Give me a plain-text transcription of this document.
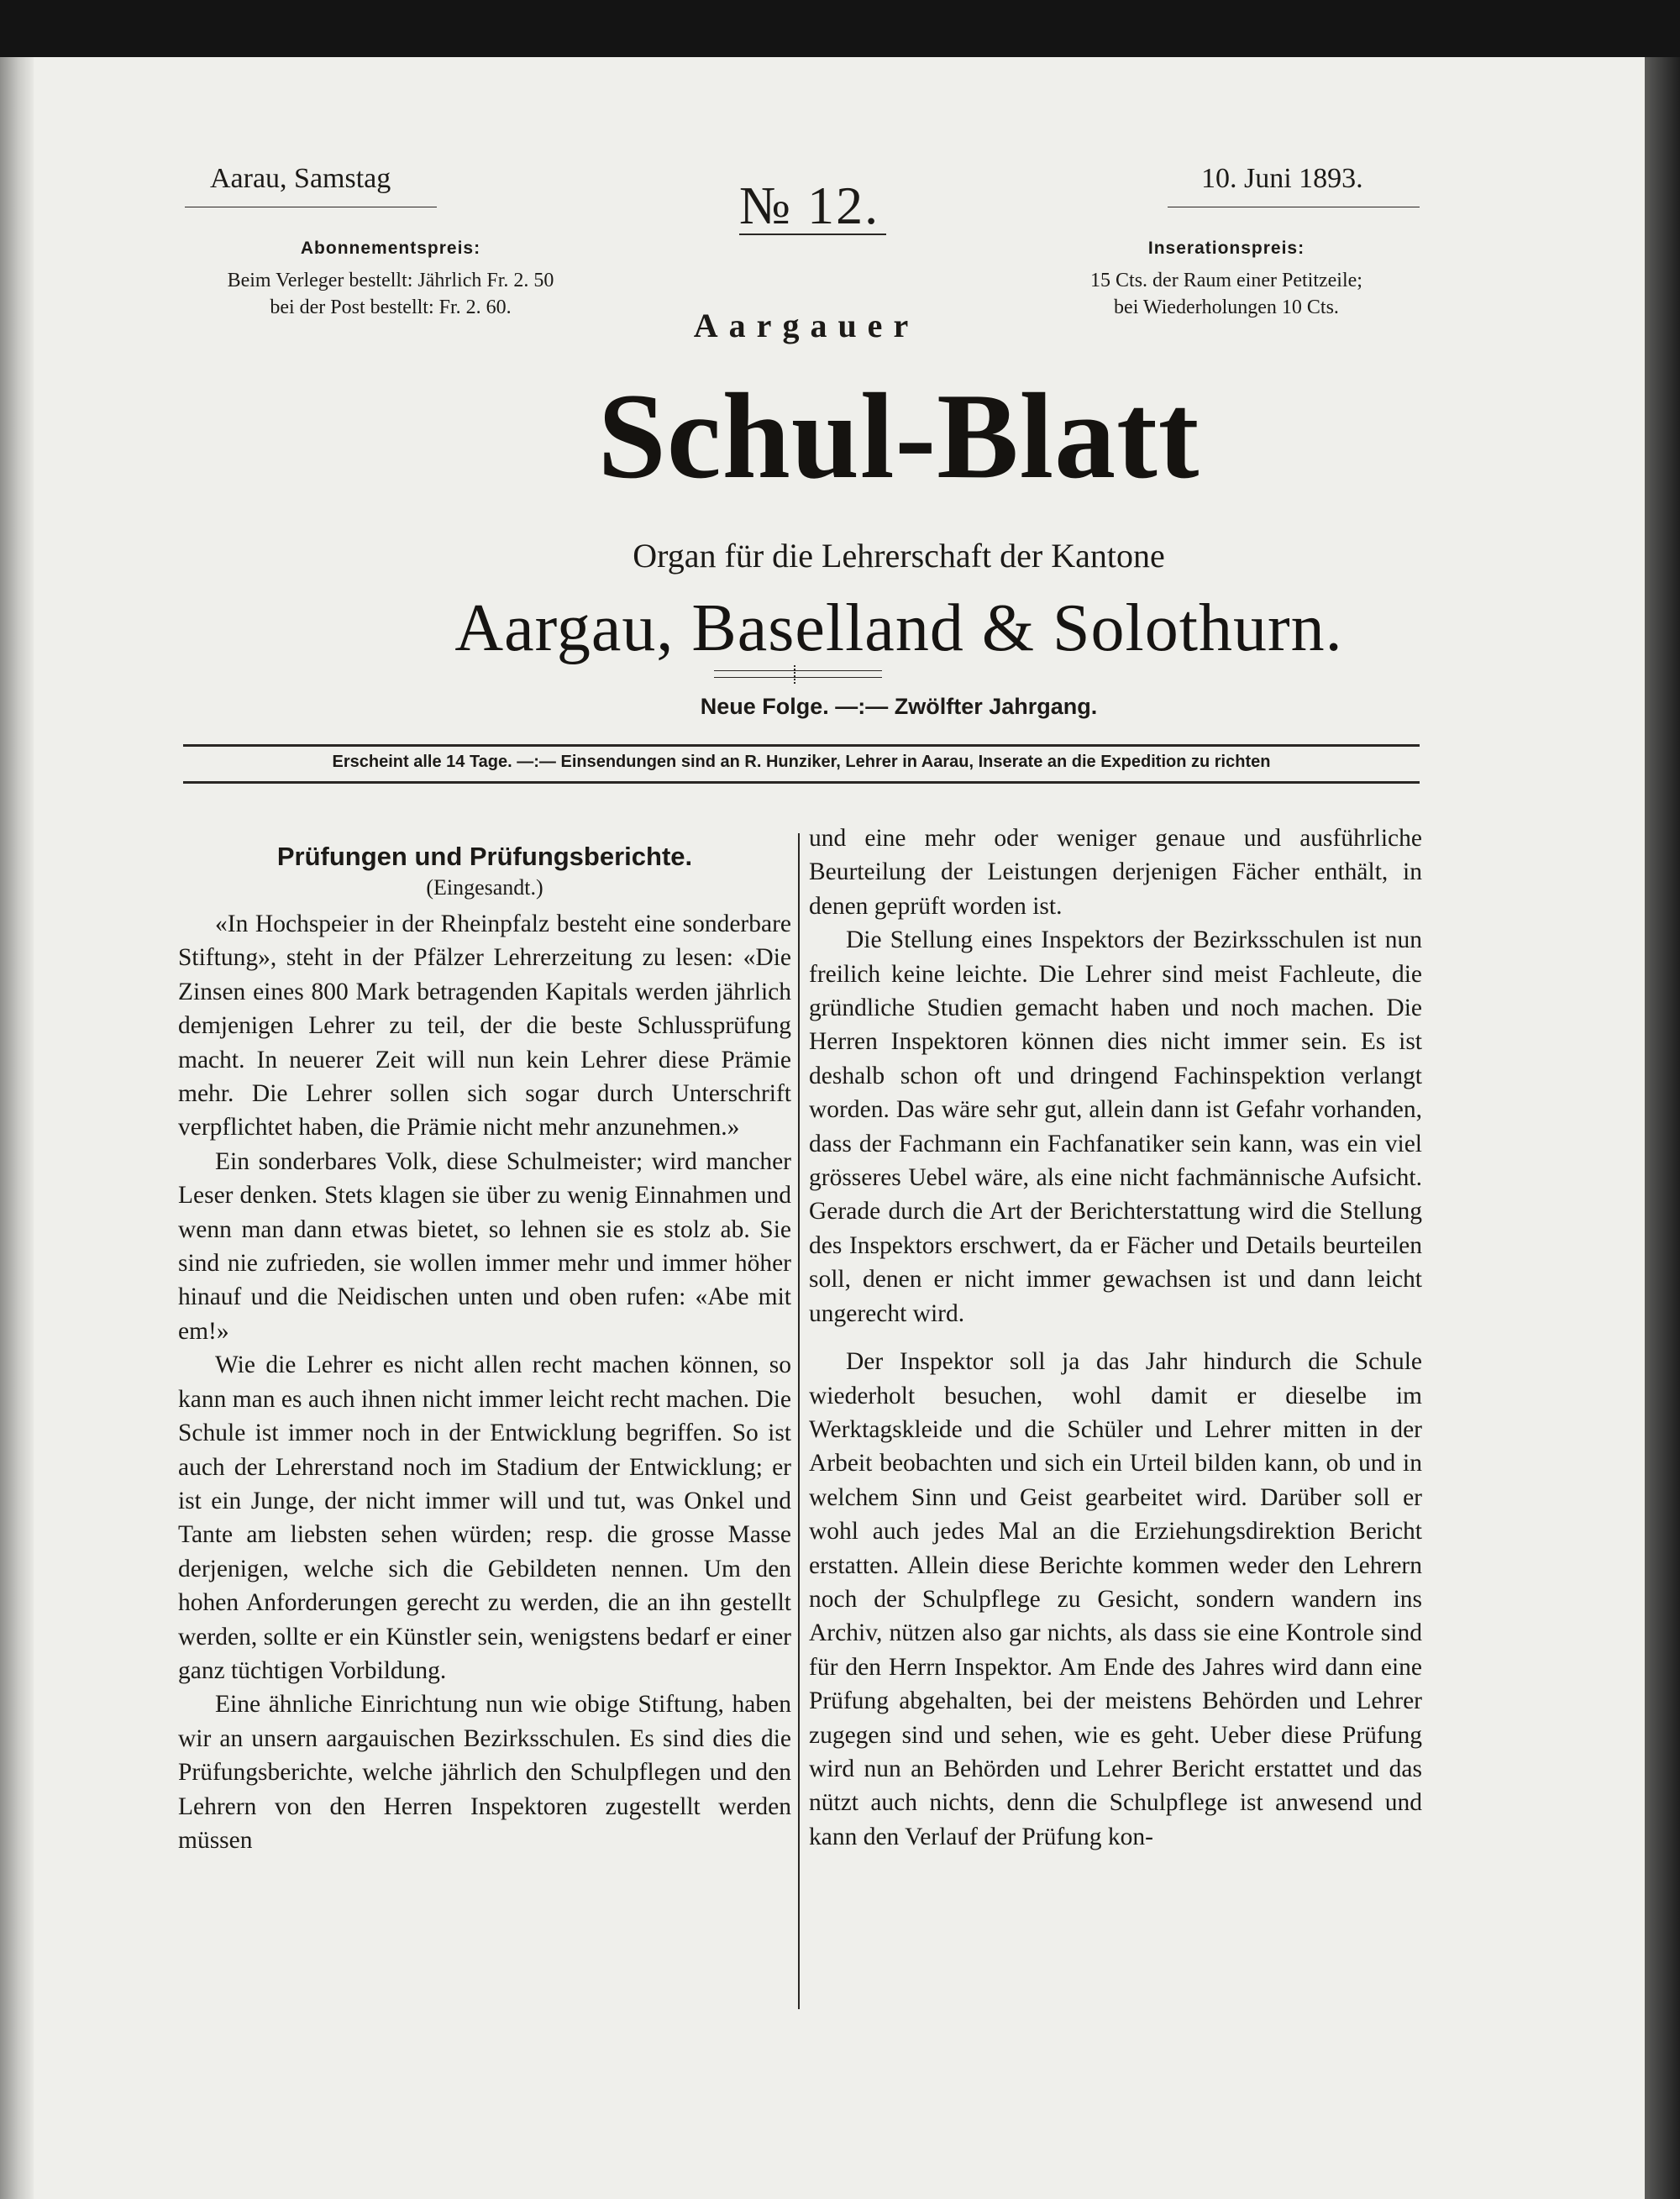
Aarau, Samstag	№ 12.	10. Juni 1893.
Abonnementspreis:
Beim Verleger bestellt: Jährlich Fr. 2. 50
bei der Post bestellt: Fr. 2. 60.
Inserationspreis:
15 Cts. der Raum einer Petitzeile;
bei Wiederholungen 10 Cts.
Aargauer
Schul-Blatt
Organ für die Lehrerschaft der Kantone
Aargau, Baselland & Solothurn.
Neue Folge. —:— Zwölfter Jahrgang.
Erscheint alle 14 Tage. —:— Einsendungen sind an R. Hunziker, Lehrer in Aarau, Inserate an die Expedition zu richten
Prüfungen und Prüfungsberichte.
(Eingesandt.)

«In Hochspeier in der Rheinpfalz besteht eine sonderbare Stiftung», steht in der Pfälzer Lehrerzeitung zu lesen: «Die Zinsen eines 800 Mark betragenden Kapitals werden jährlich demjenigen Lehrer zu teil, der die beste Schlussprüfung macht. In neuerer Zeit will nun kein Lehrer diese Prämie mehr. Die Lehrer sollen sich sogar durch Unterschrift verpflichtet haben, die Prämie nicht mehr anzunehmen.»

Ein sonderbares Volk, diese Schulmeister; wird mancher Leser denken. Stets klagen sie über zu wenig Einnahmen und wenn man dann etwas bietet, so lehnen sie es stolz ab. Sie sind nie zufrieden, sie wollen immer mehr und immer höher hinauf und die Neidischen unten und oben rufen: «Abe mit em!»

Wie die Lehrer es nicht allen recht machen können, so kann man es auch ihnen nicht immer leicht recht machen. Die Schule ist immer noch in der Entwicklung begriffen. So ist auch der Lehrerstand noch im Stadium der Entwicklung; er ist ein Junge, der nicht immer will und tut, was Onkel und Tante am liebsten sehen würden; resp. die grosse Masse derjenigen, welche sich die Gebildeten nennen. Um den hohen Anforderungen gerecht zu werden, die an ihn gestellt werden, sollte er ein Künstler sein, wenigstens bedarf er einer ganz tüchtigen Vorbildung.

Eine ähnliche Einrichtung nun wie obige Stiftung, haben wir an unsern aargauischen Bezirksschulen. Es sind dies die Prüfungsberichte, welche jährlich den Schulpflegen und den Lehrern von den Herren Inspektoren zugestellt werden müssen

und eine mehr oder weniger genaue und ausführliche Beurteilung der Leistungen derjenigen Fächer enthält, in denen geprüft worden ist.

Die Stellung eines Inspektors der Bezirksschulen ist nun freilich keine leichte. Die Lehrer sind meist Fachleute, die gründliche Studien gemacht haben und noch machen. Die Herren Inspektoren können dies nicht immer sein. Es ist deshalb schon oft und dringend Fachinspektion verlangt worden. Das wäre sehr gut, allein dann ist Gefahr vorhanden, dass der Fachmann ein Fachfanatiker sein kann, was ein viel grösseres Uebel wäre, als eine nicht fachmännische Aufsicht. Gerade durch die Art der Berichterstattung wird die Stellung des Inspektors erschwert, da er Fächer und Details beurteilen soll, denen er nicht immer gewachsen ist und dann leicht ungerecht wird.

Der Inspektor soll ja das Jahr hindurch die Schule wiederholt besuchen, wohl damit er dieselbe im Werktagskleide und die Schüler und Lehrer mitten in der Arbeit beobachten und sich ein Urteil bilden kann, ob und in welchem Sinn und Geist gearbeitet wird. Darüber soll er wohl auch jedes Mal an die Erziehungsdirektion Bericht erstatten. Allein diese Berichte kommen weder den Lehrern noch der Schulpflege zu Gesicht, sondern wandern ins Archiv, nützen also gar nichts, als dass sie eine Kontrole sind für den Herrn Inspektor. Am Ende des Jahres wird dann eine Prüfung abgehalten, bei der meistens Behörden und Lehrer zugegen sind und sehen, wie es geht. Ueber diese Prüfung wird nun an Behörden und Lehrer Bericht erstattet und das nützt auch nichts, denn die Schulpflege ist anwesend und kann den Verlauf der Prüfung kon-
